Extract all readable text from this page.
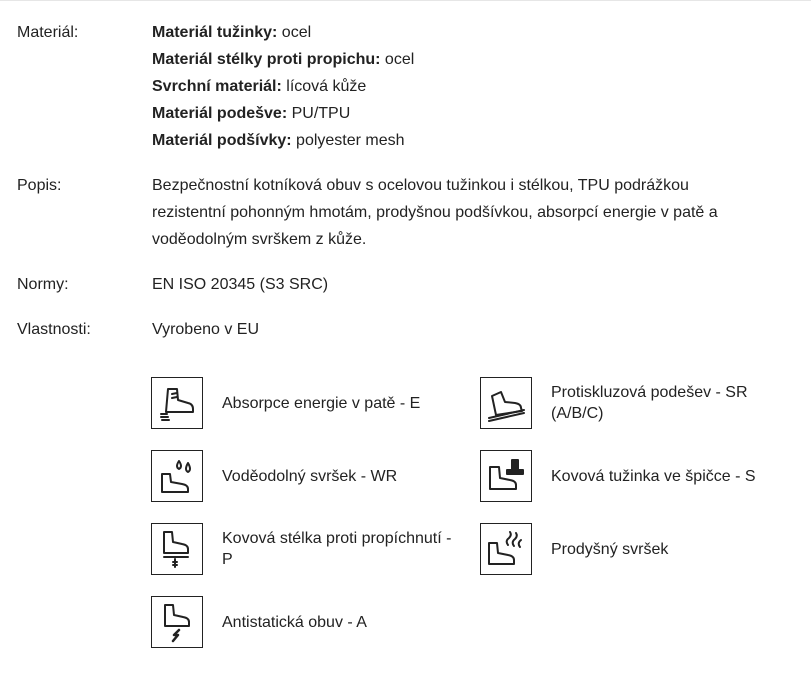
Materiál:	Materiál tužinky: ocel
Materiál stélky proti propichu: ocel
Svrchní materiál: lícová kůže
Materiál podešve: PU/TPU
Materiál podšívky: polyester mesh
Popis:	Bezpečnostní kotníková obuv s ocelovou tužinkou i stélkou, TPU podrážkou rezistentní pohonným hmotám, prodyšnou podšívkou, absorpcí energie v patě a voděodolným svrškem z kůže.
Normy:	EN ISO 20345 (S3 SRC)
Vlastnosti:	Vyrobeno v EU
Absorpce energie v patě - E
Protiskluzová podešev - SR (A/B/C)
Voděodolný svršek - WR	Kovová tužinka ve špičce - S
Kovová stélka proti propíchnutí - P
Prodyšný svršek
Antistatická obuv - A
